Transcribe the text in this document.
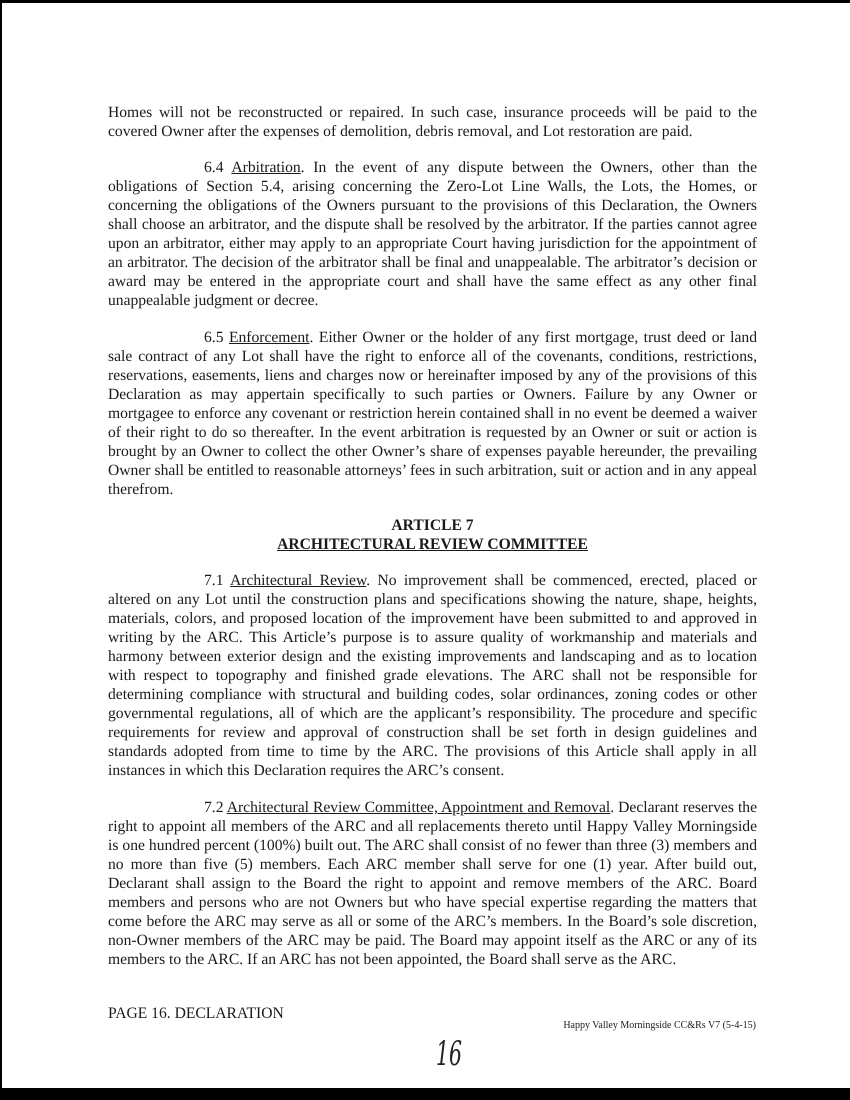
Homes will not be reconstructed or repaired. In such case, insurance proceeds will be paid to the covered Owner after the expenses of demolition, debris removal, and Lot restoration are paid.

6.4 Arbitration. In the event of any dispute between the Owners, other than the obligations of Section 5.4, arising concerning the Zero-Lot Line Walls, the Lots, the Homes, or concerning the obligations of the Owners pursuant to the provisions of this Declaration, the Owners shall choose an arbitrator, and the dispute shall be resolved by the arbitrator. If the parties cannot agree upon an arbitrator, either may apply to an appropriate Court having jurisdiction for the appointment of an arbitrator. The decision of the arbitrator shall be final and unappealable. The arbitrator’s decision or award may be entered in the appropriate court and shall have the same effect as any other final unappealable judgment or decree.

6.5 Enforcement. Either Owner or the holder of any first mortgage, trust deed or land sale contract of any Lot shall have the right to enforce all of the covenants, conditions, restrictions, reservations, easements, liens and charges now or hereinafter imposed by any of the provisions of this Declaration as may appertain specifically to such parties or Owners. Failure by any Owner or mortgagee to enforce any covenant or restriction herein contained shall in no event be deemed a waiver of their right to do so thereafter. In the event arbitration is requested by an Owner or suit or action is brought by an Owner to collect the other Owner’s share of expenses payable hereunder, the prevailing Owner shall be entitled to reasonable attorneys’ fees in such arbitration, suit or action and in any appeal therefrom.

ARTICLE 7
ARCHITECTURAL REVIEW COMMITTEE

7.1 Architectural Review. No improvement shall be commenced, erected, placed or altered on any Lot until the construction plans and specifications showing the nature, shape, heights, materials, colors, and proposed location of the improvement have been submitted to and approved in writing by the ARC. This Article’s purpose is to assure quality of workmanship and materials and harmony between exterior design and the existing improvements and landscaping and as to location with respect to topography and finished grade elevations. The ARC shall not be responsible for determining compliance with structural and building codes, solar ordinances, zoning codes or other governmental regulations, all of which are the applicant’s responsibility. The procedure and specific requirements for review and approval of construction shall be set forth in design guidelines and standards adopted from time to time by the ARC. The provisions of this Article shall apply in all instances in which this Declaration requires the ARC’s consent.

7.2 Architectural Review Committee, Appointment and Removal. Declarant reserves the right to appoint all members of the ARC and all replacements thereto until Happy Valley Morningside is one hundred percent (100%) built out. The ARC shall consist of no fewer than three (3) members and no more than five (5) members. Each ARC member shall serve for one (1) year. After build out, Declarant shall assign to the Board the right to appoint and remove members of the ARC. Board members and persons who are not Owners but who have special expertise regarding the matters that come before the ARC may serve as all or some of the ARC’s members. In the Board’s sole discretion, non-Owner members of the ARC may be paid. The Board may appoint itself as the ARC or any of its members to the ARC. If an ARC has not been appointed, the Board shall serve as the ARC.

PAGE 16. DECLARATION
Happy Valley Morningside CC&Rs V7 (5-4-15)
16
